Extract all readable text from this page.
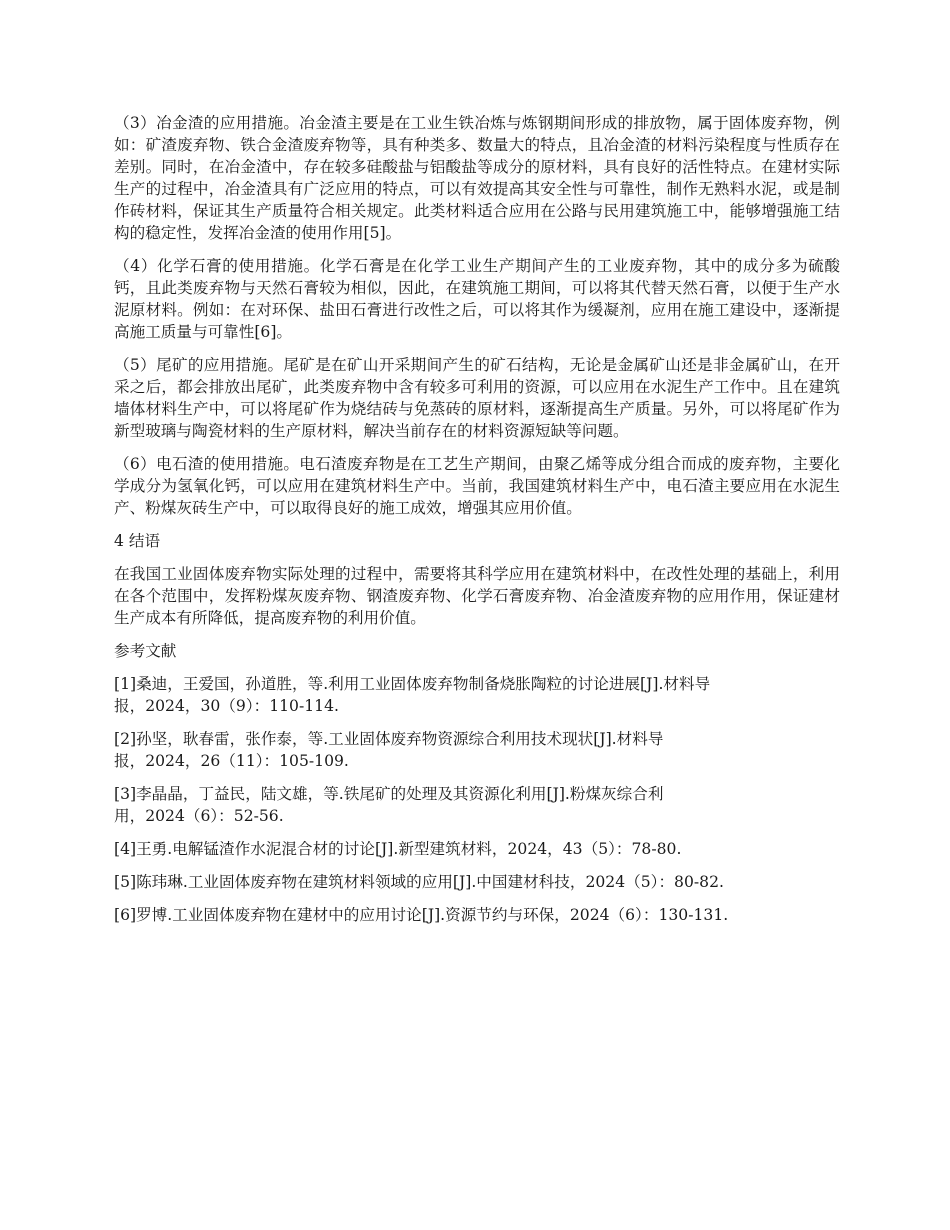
（3）冶金渣的应用措施。冶金渣主要是在工业生铁冶炼与炼钢期间形成的排放物，属于固体废弃物，例如：矿渣废弃物、铁合金渣废弃物等，具有种类多、数量大的特点，且冶金渣的材料污染程度与性质存在差别。同时，在冶金渣中，存在较多硅酸盐与铝酸盐等成分的原材料，具有良好的活性特点。在建材实际生产的过程中，冶金渣具有广泛应用的特点，可以有效提高其安全性与可靠性，制作无熟料水泥，或是制作砖材料，保证其生产质量符合相关规定。此类材料适合应用在公路与民用建筑施工中，能够增强施工结构的稳定性，发挥冶金渣的使用作用[5]。

（4）化学石膏的使用措施。化学石膏是在化学工业生产期间产生的工业废弃物，其中的成分多为硫酸钙，且此类废弃物与天然石膏较为相似，因此，在建筑施工期间，可以将其代替天然石膏，以便于生产水泥原材料。例如：在对环保、盐田石膏进行改性之后，可以将其作为缓凝剂，应用在施工建设中，逐渐提高施工质量与可靠性[6]。

（5）尾矿的应用措施。尾矿是在矿山开采期间产生的矿石结构，无论是金属矿山还是非金属矿山，在开采之后，都会排放出尾矿，此类废弃物中含有较多可利用的资源，可以应用在水泥生产工作中。且在建筑墙体材料生产中，可以将尾矿作为烧结砖与免蒸砖的原材料，逐渐提高生产质量。另外，可以将尾矿作为新型玻璃与陶瓷材料的生产原材料，解决当前存在的材料资源短缺等问题。

（6）电石渣的使用措施。电石渣废弃物是在工艺生产期间，由聚乙烯等成分组合而成的废弃物，主要化学成分为氢氧化钙，可以应用在建筑材料生产中。当前，我国建筑材料生产中，电石渣主要应用在水泥生产、粉煤灰砖生产中，可以取得良好的施工成效，增强其应用价值。

4 结语

在我国工业固体废弃物实际处理的过程中，需要将其科学应用在建筑材料中，在改性处理的基础上，利用在各个范围中，发挥粉煤灰废弃物、钢渣废弃物、化学石膏废弃物、冶金渣废弃物的应用作用，保证建材生产成本有所降低，提高废弃物的利用价值。

参考文献
[1]桑迪，王爱国，孙道胜，等.利用工业固体废弃物制备烧胀陶粒的讨论进展[J].材料导
报，2024，30（9）：110-114.
[2]孙坚，耿春雷，张作泰，等.工业固体废弃物资源综合利用技术现状[J].材料导
报，2024，26（11）：105-109.
[3]李晶晶，丁益民，陆文雄，等.铁尾矿的处理及其资源化利用[J].粉煤灰综合利
用，2024（6）：52-56.
[4]王勇.电解锰渣作水泥混合材的讨论[J].新型建筑材料，2024，43（5）：78-80.
[5]陈玮琳.工业固体废弃物在建筑材料领域的应用[J].中国建材科技，2024（5）：80-82.
[6]罗博.工业固体废弃物在建材中的应用讨论[J].资源节约与环保，2024（6）：130-131.
